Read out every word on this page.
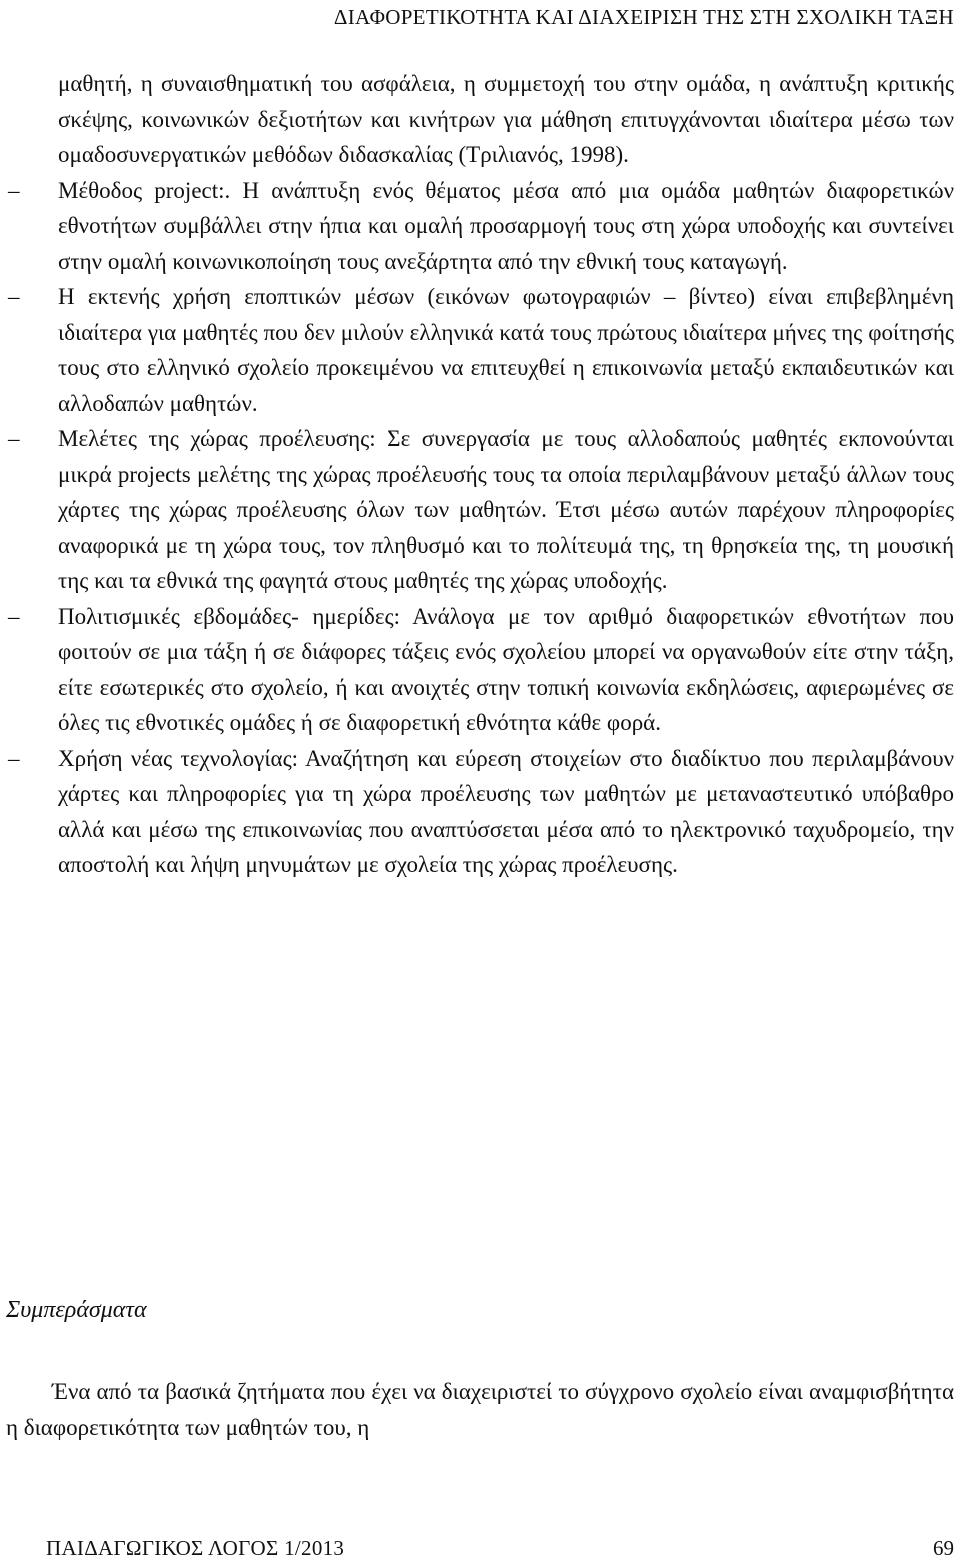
ΔΙΑΦΟΡΕΤΙΚΟΤΗΤΑ ΚΑΙ ΔΙΑΧΕΙΡΙΣΗ ΤΗΣ ΣΤΗ ΣΧΟΛΙΚΗ ΤΑΞΗ

μαθητή, η συναισθηματική του ασφάλεια, η συμμετοχή του στην ομάδα, η ανάπτυξη κριτικής σκέψης, κοινωνικών δεξιοτήτων και κινήτρων για μάθηση επιτυγχάνονται ιδιαίτερα μέσω των ομαδοσυνεργατικών μεθόδων διδασκαλίας (Τριλιανός, 1998).

–	Μέθοδος project:. Η ανάπτυξη ενός θέματος μέσα από μια ομάδα μαθητών διαφορετικών εθνοτήτων συμβάλλει στην ήπια και ομαλή προσαρμογή τους στη χώρα υποδοχής και συντείνει στην ομαλή κοινωνικοποίηση τους ανεξάρτητα από την εθνική τους καταγωγή.

–	Η εκτενής χρήση εποπτικών μέσων (εικόνων φωτογραφιών – βίντεο) είναι επιβεβλημένη ιδιαίτερα για μαθητές που δεν μιλούν ελληνικά κατά τους πρώτους ιδιαίτερα μήνες της φοίτησής τους στο ελληνικό σχολείο προκειμένου να επιτευχθεί η επικοινωνία μεταξύ εκπαιδευτικών και αλλοδαπών μαθητών.

–	Μελέτες της χώρας προέλευσης: Σε συνεργασία με τους αλλοδαπούς μαθητές εκπονούνται μικρά projects μελέτης της χώρας προέλευσής τους τα οποία περιλαμβάνουν μεταξύ άλλων τους χάρτες της χώρας προέλευσης όλων των μαθητών. Έτσι μέσω αυτών παρέχουν πληροφορίες αναφορικά με τη χώρα τους, τον πληθυσμό και το πολίτευμά της, τη θρησκεία της, τη μουσική της και τα εθνικά της φαγητά στους μαθητές της χώρας υποδοχής.

–	Πολιτισμικές εβδομάδες- ημερίδες: Ανάλογα με τον αριθμό διαφορετικών εθνοτήτων που φοιτούν σε μια τάξη ή σε διάφορες τάξεις ενός σχολείου μπορεί να οργανωθούν είτε στην τάξη, είτε εσωτερικές στο σχολείο, ή και ανοιχτές στην τοπική κοινωνία εκδηλώσεις, αφιερωμένες σε όλες τις εθνοτικές ομάδες ή σε διαφορετική εθνότητα κάθε φορά.

–	Χρήση νέας τεχνολογίας: Αναζήτηση και εύρεση στοιχείων στο διαδίκτυο που περιλαμβάνουν χάρτες και πληροφορίες για τη χώρα προέλευσης των μαθητών με μεταναστευτικό υπόβαθρο αλλά και μέσω της επικοινωνίας που αναπτύσσεται μέσα από το ηλεκτρονικό ταχυδρομείο, την αποστολή και λήψη μηνυμάτων με σχολεία της χώρας προέλευσης.

Συμπεράσματα

Ένα από τα βασικά ζητήματα που έχει να διαχειριστεί το σύγχρονο σχολείο είναι αναμφισβήτητα η διαφορετικότητα των μαθητών του, η

ΠΑΙΔΑΓΩΓΙΚΟΣ ΛΟΓΟΣ 1/2013	69
